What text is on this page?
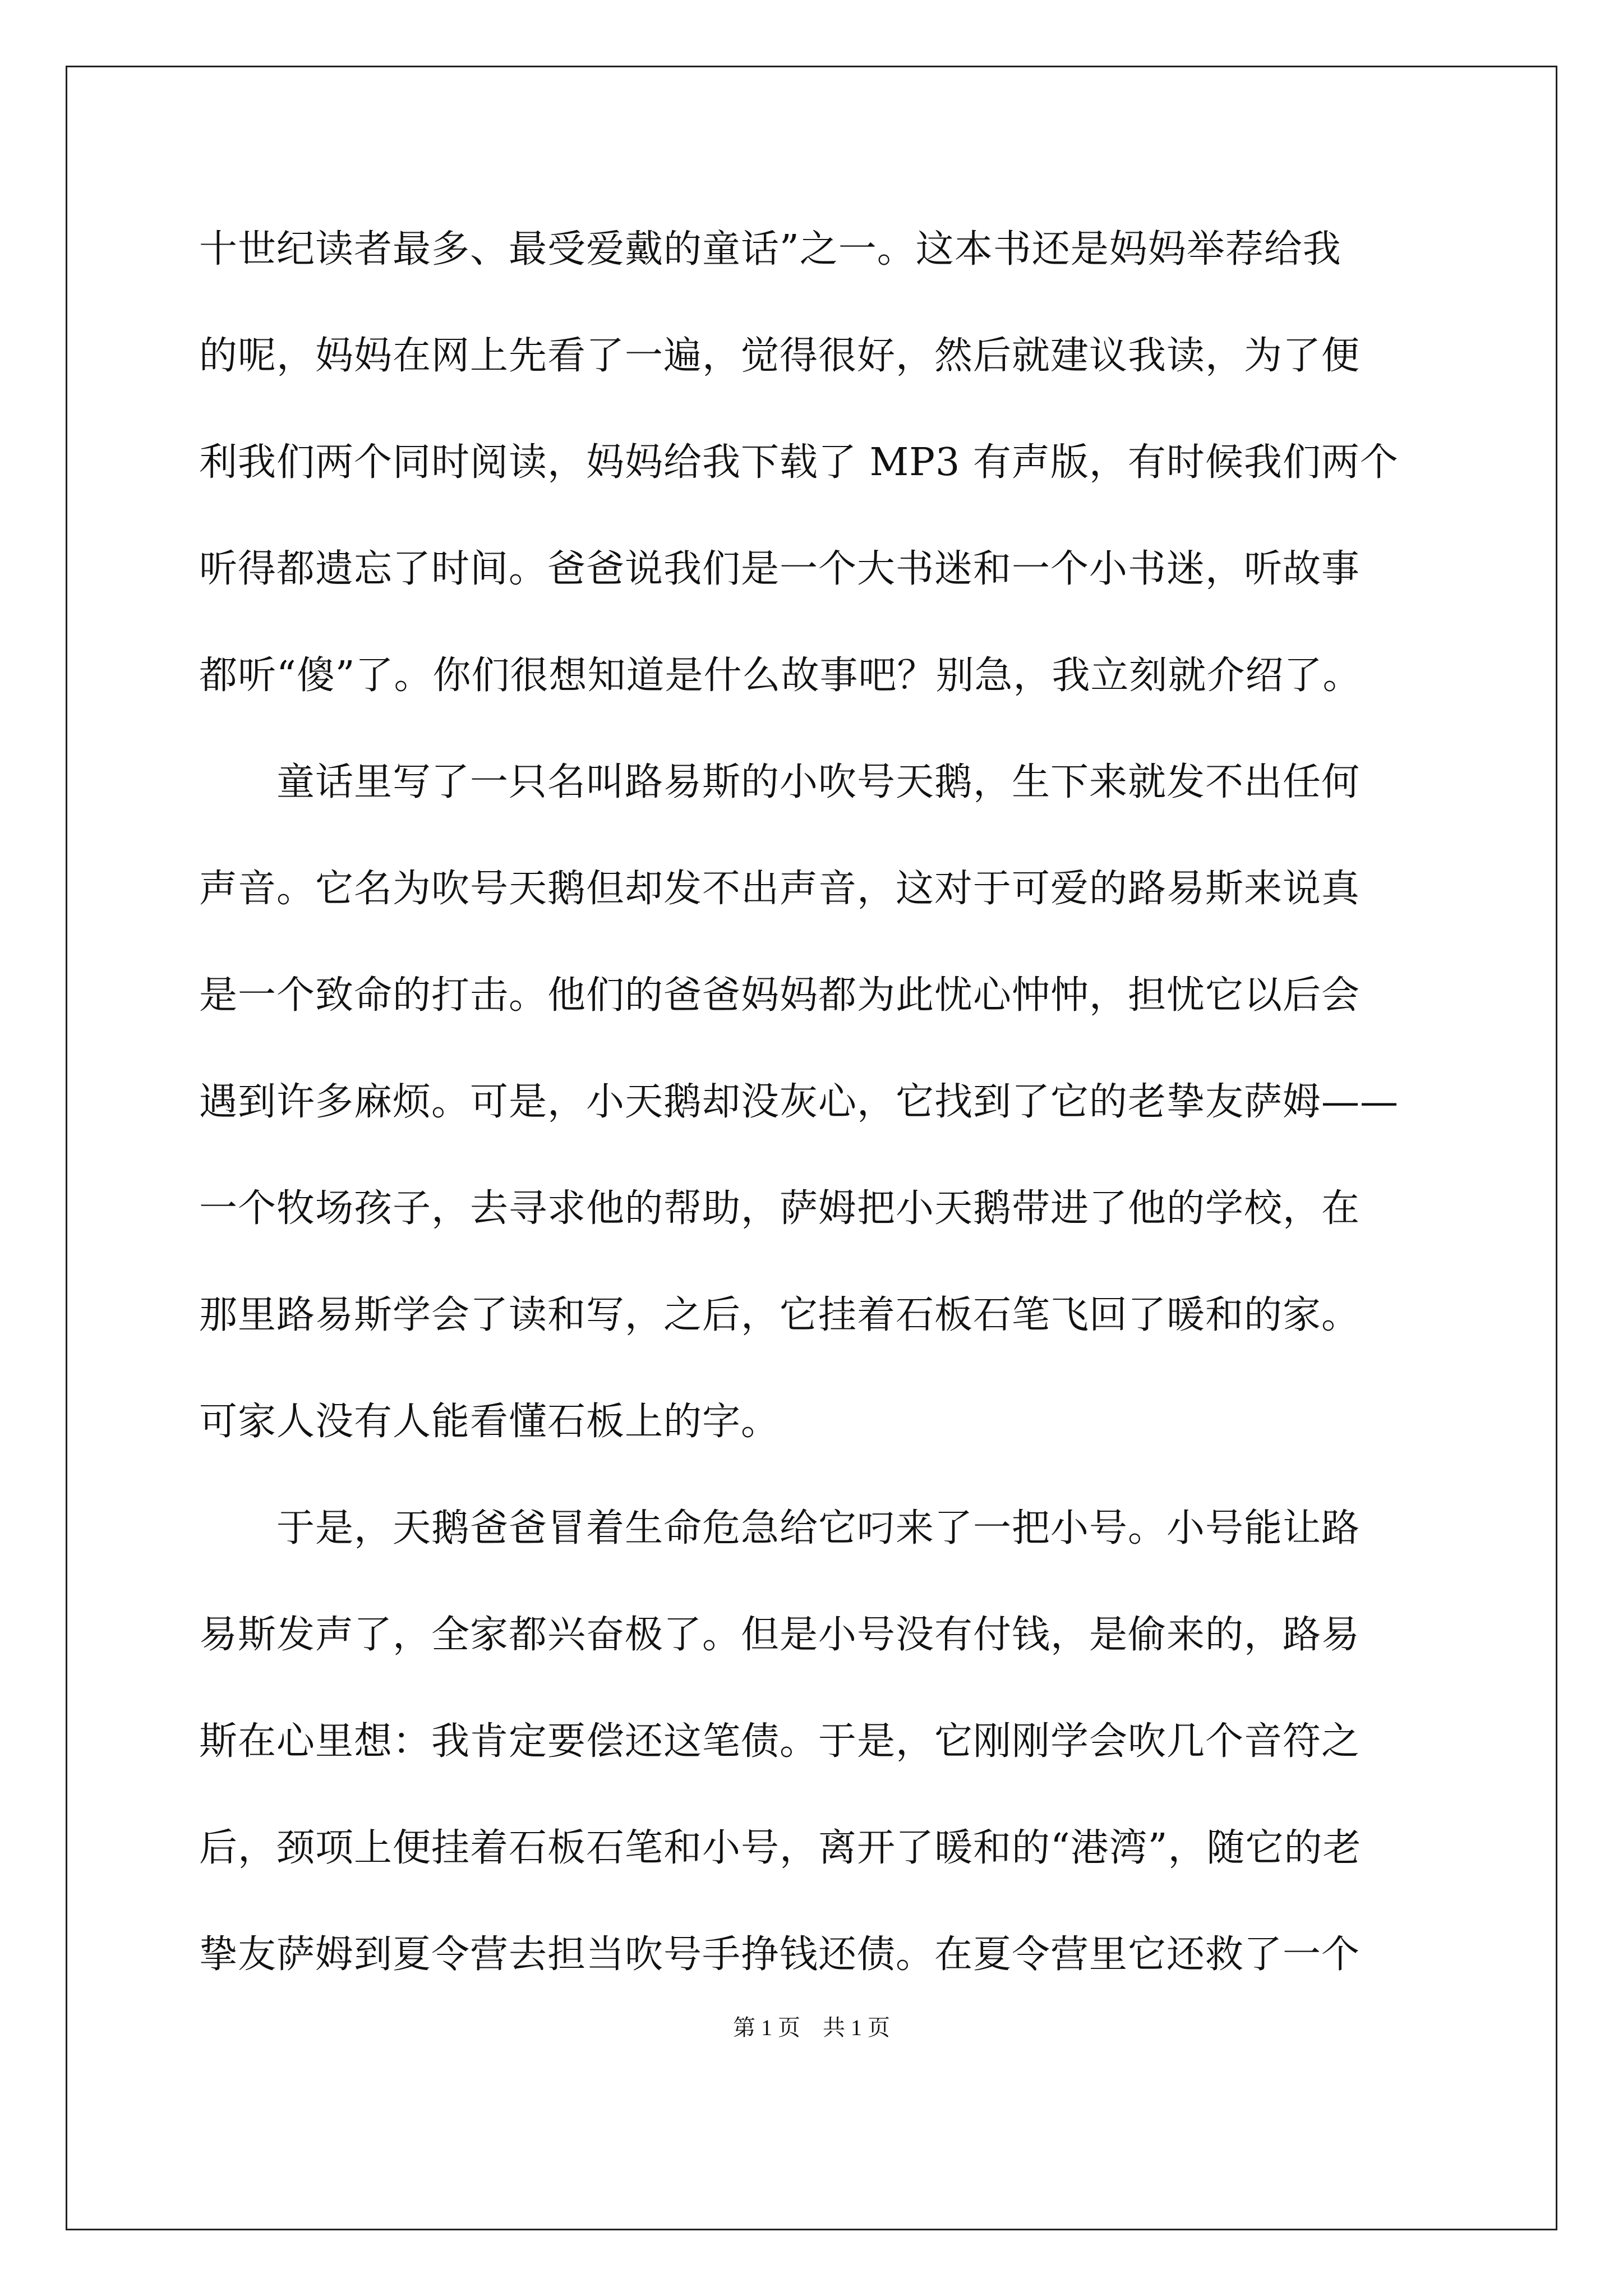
十世纪读者最多、最受爱戴的童话”之一。这本书还是妈妈举荐给我
的呢，妈妈在网上先看了一遍，觉得很好，然后就建议我读，为了便
利我们两个同时阅读，妈妈给我下载了 MP3 有声版，有时候我们两个
听得都遗忘了时间。爸爸说我们是一个大书迷和一个小书迷，听故事
都听“傻”了。你们很想知道是什么故事吧？别急，我立刻就介绍了。
　　童话里写了一只名叫路易斯的小吹号天鹅，生下来就发不出任何
声音。它名为吹号天鹅但却发不出声音，这对于可爱的路易斯来说真
是一个致命的打击。他们的爸爸妈妈都为此忧心忡忡，担忧它以后会
遇到许多麻烦。可是，小天鹅却没灰心，它找到了它的老挚友萨姆——
一个牧场孩子，去寻求他的帮助，萨姆把小天鹅带进了他的学校，在
那里路易斯学会了读和写，之后，它挂着石板石笔飞回了暖和的家。
可家人没有人能看懂石板上的字。
　　于是，天鹅爸爸冒着生命危急给它叼来了一把小号。小号能让路
易斯发声了，全家都兴奋极了。但是小号没有付钱，是偷来的，路易
斯在心里想：我肯定要偿还这笔债。于是，它刚刚学会吹几个音符之
后，颈项上便挂着石板石笔和小号，离开了暖和的“港湾”，随它的老
挚友萨姆到夏令营去担当吹号手挣钱还债。在夏令营里它还救了一个
第 1 页　共 1 页
